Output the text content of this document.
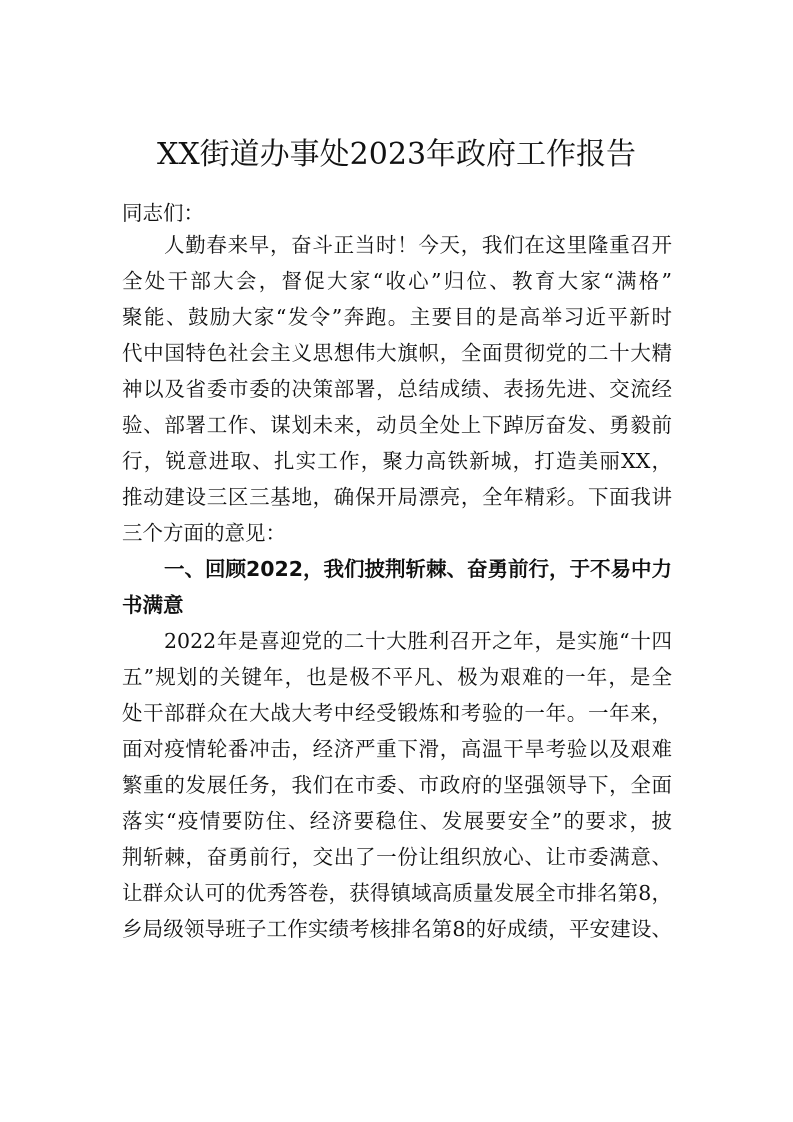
XX街道办事处2023年政府工作报告
同志们：
人勤春来早，奋斗正当时！今天，我们在这里隆重召开
全处干部大会，督促大家“收心”归位、教育大家“满格”
聚能、鼓励大家“发令”奔跑。主要目的是高举习近平新时
代中国特色社会主义思想伟大旗帜，全面贯彻党的二十大精
神以及省委市委的决策部署，总结成绩、表扬先进、交流经
验、部署工作、谋划未来，动员全处上下踔厉奋发、勇毅前
行，锐意进取、扎实工作，聚力高铁新城，打造美丽XX，
推动建设三区三基地，确保开局漂亮，全年精彩。下面我讲
三个方面的意见：
一、回顾2022，我们披荆斩棘、奋勇前行，于不易中力
书满意
2022年是喜迎党的二十大胜利召开之年，是实施“十四
五”规划的关键年，也是极不平凡、极为艰难的一年，是全
处干部群众在大战大考中经受锻炼和考验的一年。一年来，
面对疫情轮番冲击，经济严重下滑，高温干旱考验以及艰难
繁重的发展任务，我们在市委、市政府的坚强领导下，全面
落实“疫情要防住、经济要稳住、发展要安全”的要求，披
荆斩棘，奋勇前行，交出了一份让组织放心、让市委满意、
让群众认可的优秀答卷，获得镇域高质量发展全市排名第8，
乡局级领导班子工作实绩考核排名第8的好成绩，平安建设、
